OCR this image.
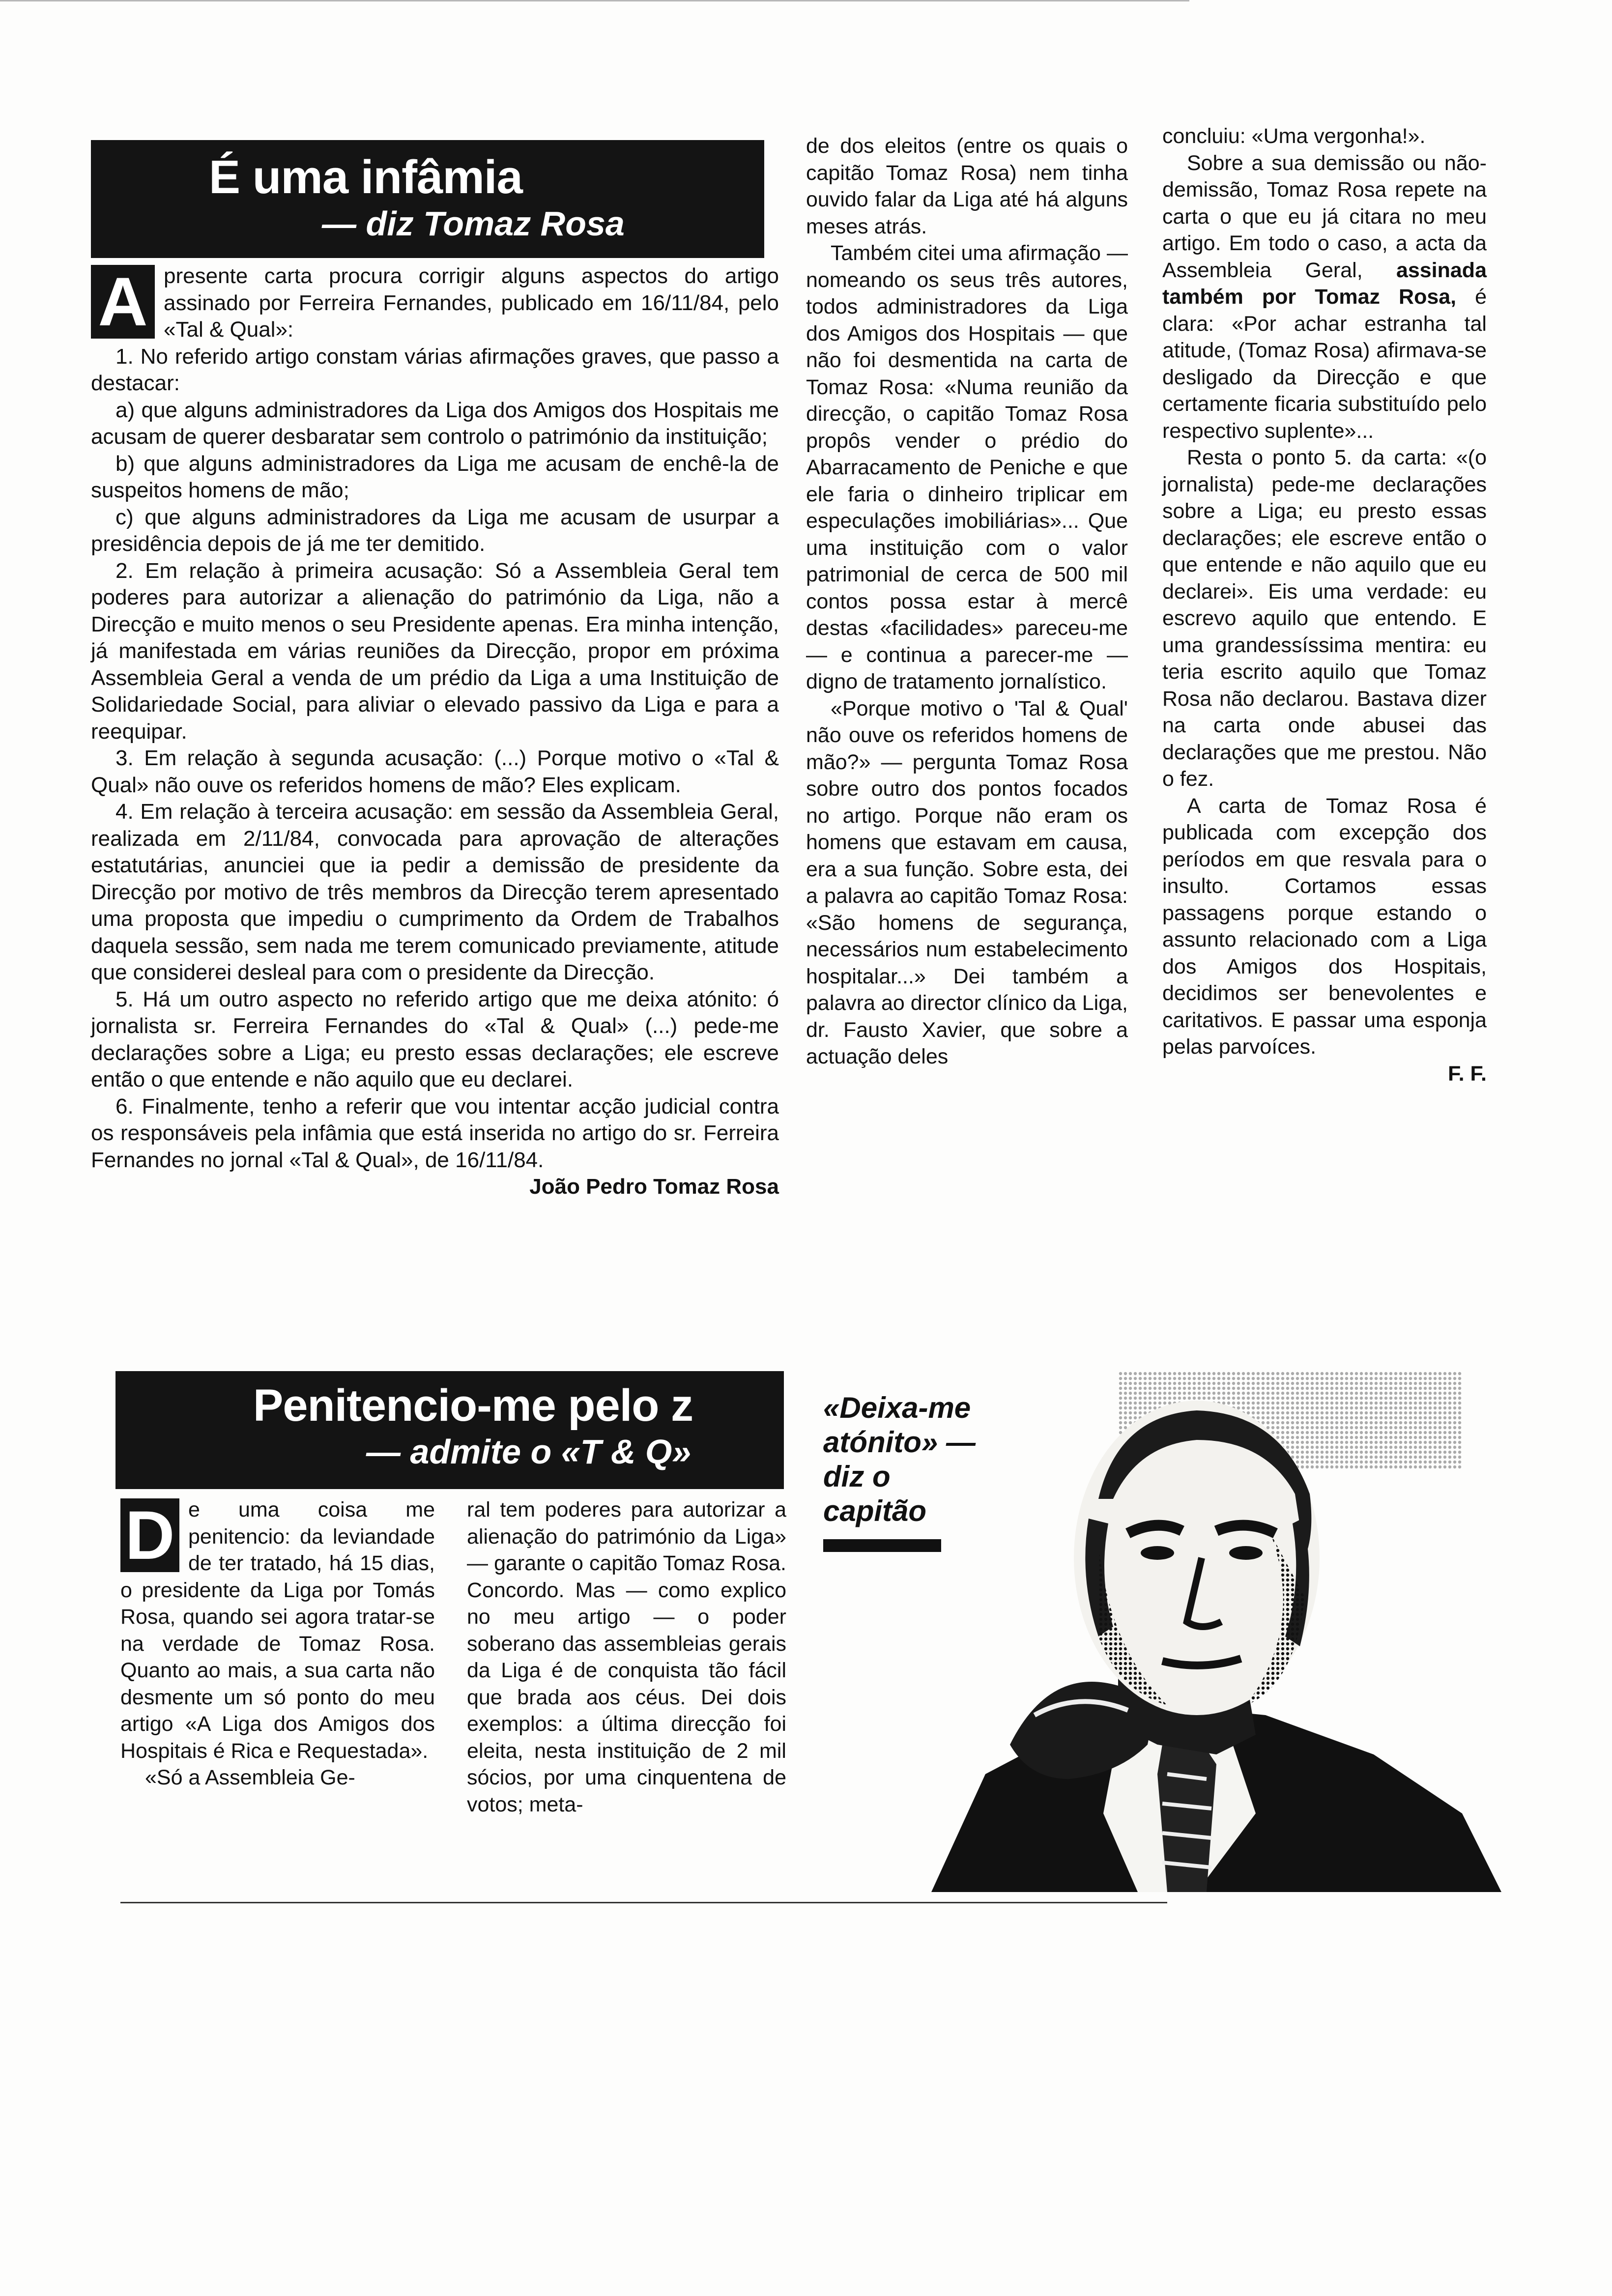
É uma infâmia
— diz Tomaz Rosa

A presente carta procura corrigir alguns aspectos do artigo assinado por Ferreira Fernandes, publicado em 16/11/84, pelo «Tal & Qual»:

1. No referido artigo constam várias afirmações graves, que passo a destacar:

a) que alguns administradores da Liga dos Amigos dos Hospitais me acusam de querer desbaratar sem controlo o património da instituição;

b) que alguns administradores da Liga me acusam de enchê-la de suspeitos homens de mão;

c) que alguns administradores da Liga me acusam de usurpar a presidência depois de já me ter demitido.

2. Em relação à primeira acusação: Só a Assembleia Geral tem poderes para autorizar a alienação do património da Liga, não a Direcção e muito menos o seu Presidente apenas. Era minha intenção, já manifestada em várias reuniões da Direcção, propor em próxima Assembleia Geral a venda de um prédio da Liga a uma Instituição de Solidariedade Social, para aliviar o elevado passivo da Liga e para a reequipar.

3. Em relação à segunda acusação: (...) Porque motivo o «Tal & Qual» não ouve os referidos homens de mão? Eles explicam.

4. Em relação à terceira acusação: em sessão da Assembleia Geral, realizada em 2/11/84, convocada para aprovação de alterações estatutárias, anunciei que ia pedir a demissão de presidente da Direcção por motivo de três membros da Direcção terem apresentado uma proposta que impediu o cumprimento da Ordem de Trabalhos daquela sessão, sem nada me terem comunicado previamente, atitude que considerei desleal para com o presidente da Direcção.

5. Há um outro aspecto no referido artigo que me deixa atónito: ó jornalista sr. Ferreira Fernandes do «Tal & Qual» (...) pede-me declarações sobre a Liga; eu presto essas declarações; ele escreve então o que entende e não aquilo que eu declarei.

6. Finalmente, tenho a referir que vou intentar acção judicial contra os responsáveis pela infâmia que está inserida no artigo do sr. Ferreira Fernandes no jornal «Tal & Qual», de 16/11/84.

João Pedro Tomaz Rosa

de dos eleitos (entre os quais o capitão Tomaz Rosa) nem tinha ouvido falar da Liga até há alguns meses atrás.

Também citei uma afirmação — nomeando os seus três autores, todos administradores da Liga dos Amigos dos Hospitais — que não foi desmentida na carta de Tomaz Rosa: «Numa reunião da direcção, o capitão Tomaz Rosa propôs vender o prédio do Abarracamento de Peniche e que ele faria o dinheiro triplicar em especulações imobiliárias»... Que uma instituição com o valor patrimonial de cerca de 500 mil contos possa estar à mercê destas «facilidades» pareceu-me — e continua a parecer-me — digno de tratamento jornalístico.

«Porque motivo o 'Tal & Qual' não ouve os referidos homens de mão?» — pergunta Tomaz Rosa sobre outro dos pontos focados no artigo. Porque não eram os homens que estavam em causa, era a sua função. Sobre esta, dei a palavra ao capitão Tomaz Rosa: «São homens de segurança, necessários num estabelecimento hospitalar...» Dei também a palavra ao director clínico da Liga, dr. Fausto Xavier, que sobre a actuação deles

concluiu: «Uma vergonha!».

Sobre a sua demissão ou não-demissão, Tomaz Rosa repete na carta o que eu já citara no meu artigo. Em todo o caso, a acta da Assembleia Geral, assinada também por Tomaz Rosa, é clara: «Por achar estranha tal atitude, (Tomaz Rosa) afirmava-se desligado da Direcção e que certamente ficaria substituído pelo respectivo suplente»...

Resta o ponto 5. da carta: «(o jornalista) pede-me declarações sobre a Liga; eu presto essas declarações; ele escreve então o que entende e não aquilo que eu declarei». Eis uma verdade: eu escrevo aquilo que entendo. E uma grandessíssima mentira: eu teria escrito aquilo que Tomaz Rosa não declarou. Bastava dizer na carta onde abusei das declarações que me prestou. Não o fez.

A carta de Tomaz Rosa é publicada com excepção dos períodos em que resvala para o insulto. Cortamos essas passagens porque estando o assunto relacionado com a Liga dos Amigos dos Hospitais, decidimos ser benevolentes e caritativos. E passar uma esponja pelas parvoíces.

F. F.

Penitencio-me pelo z
— admite o «T & Q»

D e uma coisa me penitencio: da leviandade de ter tratado, há 15 dias, o presidente da Liga por Tomás Rosa, quando sei agora tratar-se na verdade de Tomaz Rosa. Quanto ao mais, a sua carta não desmente um só ponto do meu artigo «A Liga dos Amigos dos Hospitais é Rica e Requestada».

«Só a Assembleia Ge-

ral tem poderes para autorizar a alienação do património da Liga» — garante o capitão Tomaz Rosa. Concordo. Mas — como explico no meu artigo — o poder soberano das assembleias gerais da Liga é de conquista tão fácil que brada aos céus. Dei dois exemplos: a última direcção foi eleita, nesta instituição de 2 mil sócios, por uma cinquentena de votos; meta-

«Deixa-me atónito» — diz o capitão
